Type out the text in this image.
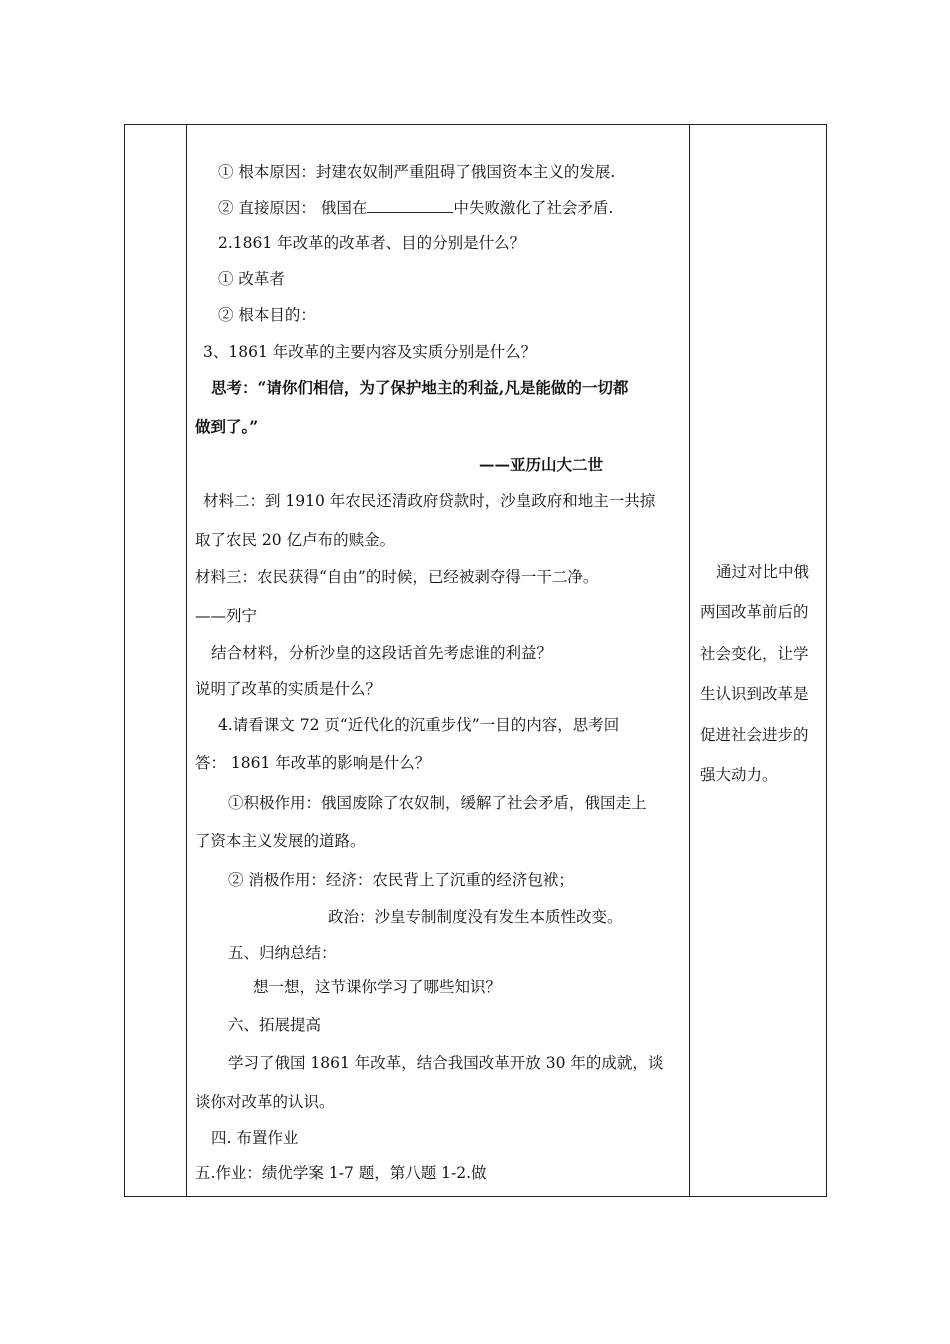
① 根本原因：封建农奴制严重阻碍了俄国资本主义的发展.
② 直接原因： 俄国在	中失败激化了社会矛盾.
2.1861 年改革的改革者、目的分别是什么？
① 改革者
② 根本目的：
3、1861 年改革的主要内容及实质分别是什么？
思考：“请你们相信，为了保护地主的利益,凡是能做的一切都
做到了。”
——亚历山大二世
材料二：到 1910 年农民还清政府贷款时，沙皇政府和地主一共掠
取了农民 20 亿卢布的赎金。
材料三：农民获得“自由”的时候，已经被剥夺得一干二净。
——列宁
结合材料，分析沙皇的这段话首先考虑谁的利益？
说明了改革的实质是什么？
4.请看课文 72 页“近代化的沉重步伐”一目的内容，思考回
答： 1861 年改革的影响是什么？
①积极作用：俄国废除了农奴制，缓解了社会矛盾，俄国走上
了资本主义发展的道路。
② 消极作用：经济：农民背上了沉重的经济包袱；
政治：沙皇专制制度没有发生本质性改变。
五、归纳总结：
想一想，这节课你学习了哪些知识？
六、拓展提高
学习了俄国 1861 年改革，结合我国改革开放 30 年的成就，谈
谈你对改革的认识。
四. 布置作业
五.作业：绩优学案 1-7 题，第八题 1-2.做
通过对比中俄
两国改革前后的
社会变化，让学
生认识到改革是
促进社会进步的
强大动力。
